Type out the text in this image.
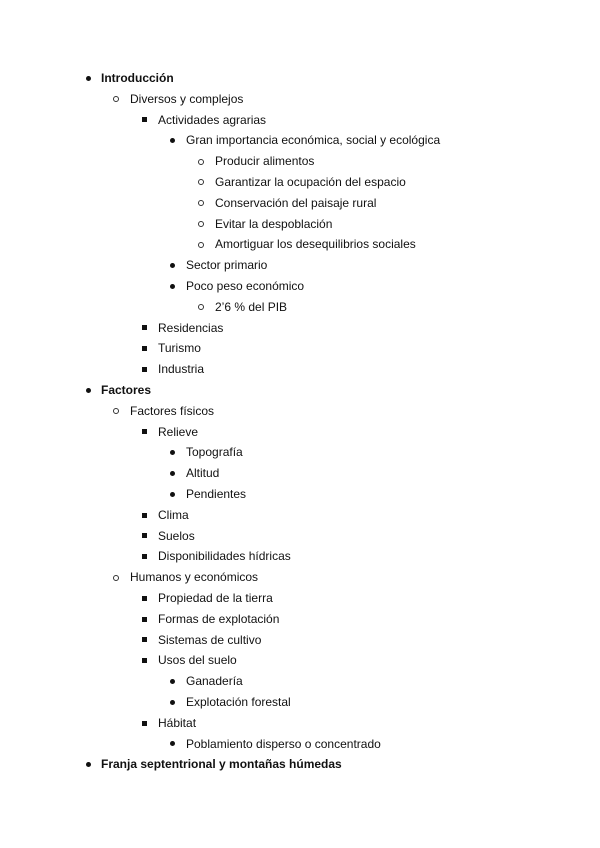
Introducción
Diversos y complejos
Actividades agrarias
Gran importancia económica, social y ecológica
Producir alimentos
Garantizar la ocupación del espacio
Conservación del paisaje rural
Evitar la despoblación
Amortiguar los desequilibrios sociales
Sector primario
Poco peso económico
2’6 % del PIB
Residencias
Turismo
Industria
Factores
Factores físicos
Relieve
Topografía
Altitud
Pendientes
Clima
Suelos
Disponibilidades hídricas
Humanos y económicos
Propiedad de la tierra
Formas de explotación
Sistemas de cultivo
Usos del suelo
Ganadería
Explotación forestal
Hábitat
Poblamiento disperso o concentrado
Franja septentrional y montañas húmedas
